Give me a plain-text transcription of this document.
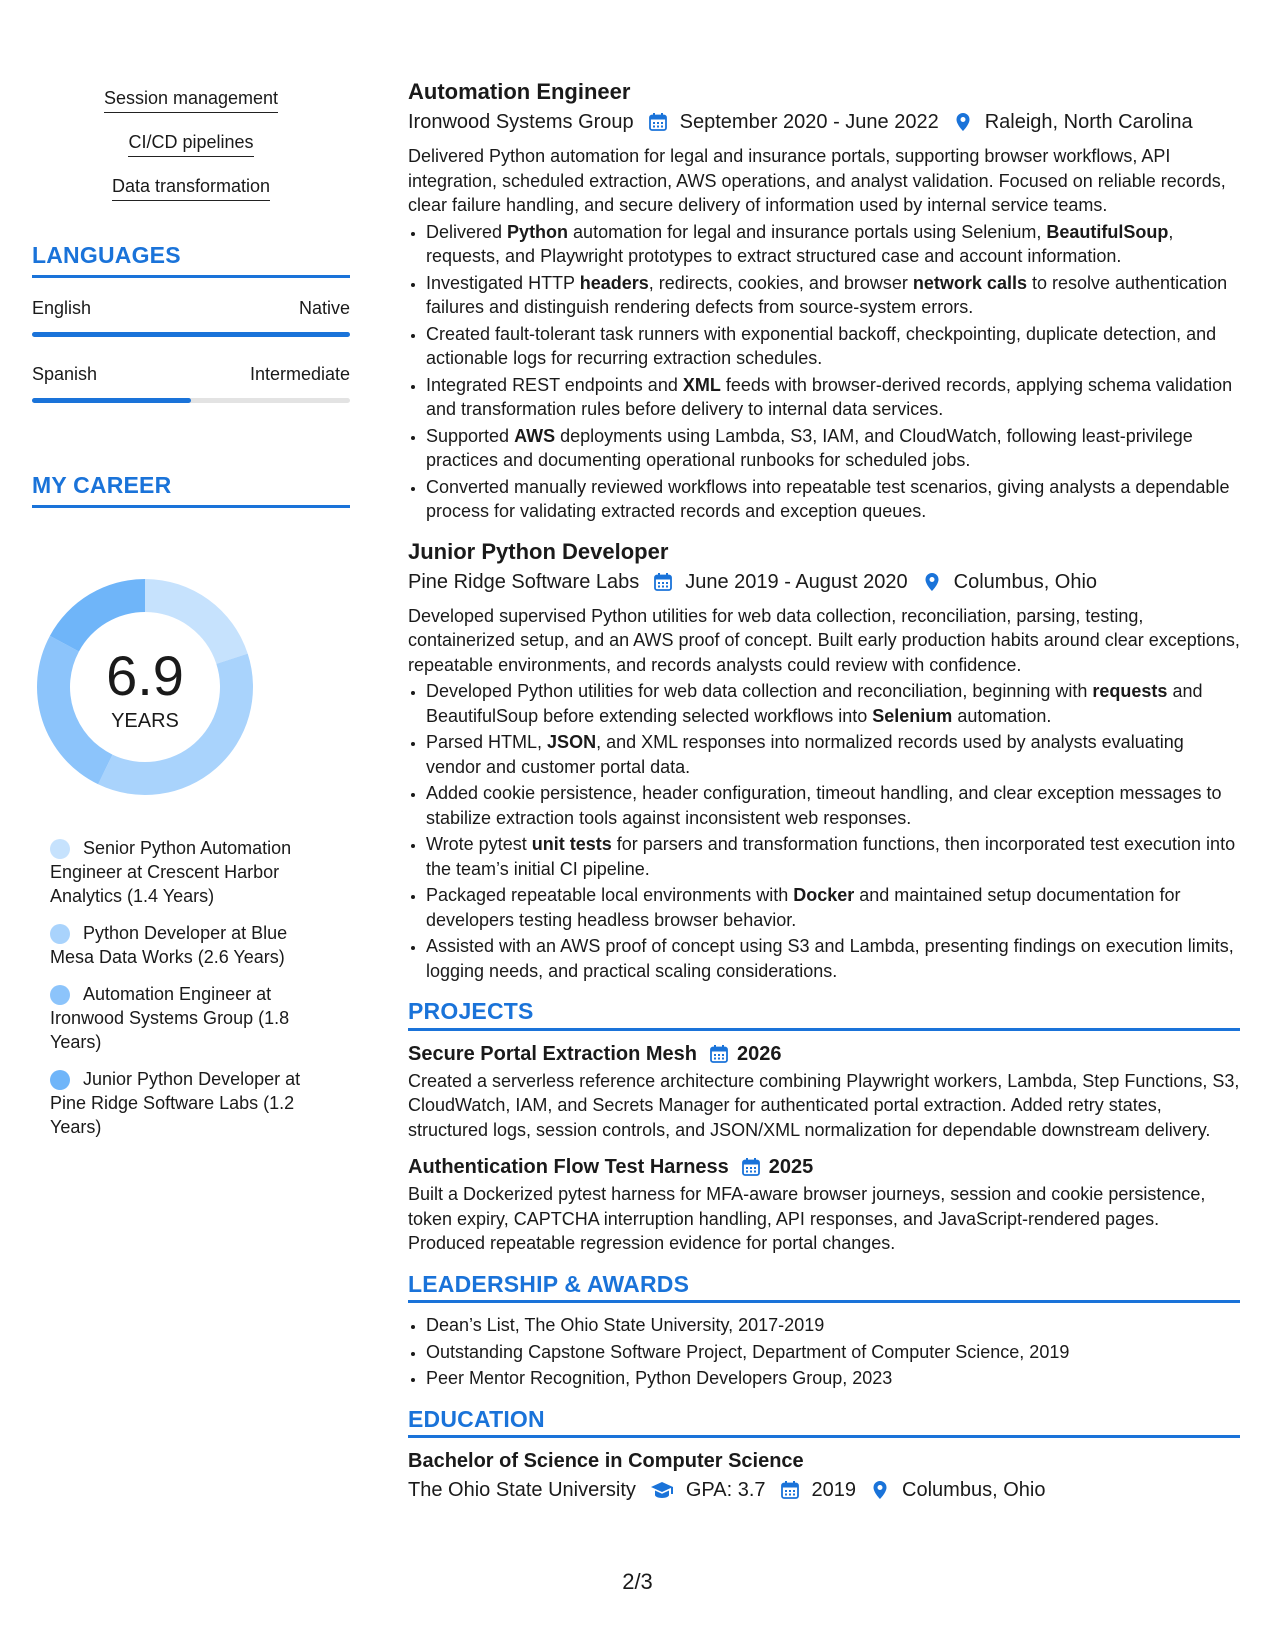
Session management
CI/CD pipelines
Data transformation
LANGUAGES
English	Native
Spanish	Intermediate
MY CAREER
6.9
YEARS
Senior Python Automation Engineer at Crescent Harbor Analytics (1.4 Years)
Python Developer at Blue Mesa Data Works (2.6 Years)
Automation Engineer at Ironwood Systems Group (1.8 Years)
Junior Python Developer at Pine Ridge Software Labs (1.2 Years)
Automation Engineer
Ironwood Systems Group September 2020 - June 2022 Raleigh, North Carolina

Delivered Python automation for legal and insurance portals, supporting browser workflows, API integration, scheduled extraction, AWS operations, and analyst validation. Focused on reliable records, clear failure handling, and secure delivery of information used by internal service teams.

• Delivered Python automation for legal and insurance portals using Selenium, BeautifulSoup, requests, and Playwright prototypes to extract structured case and account information.
• Investigated HTTP headers, redirects, cookies, and browser network calls to resolve authentication failures and distinguish rendering defects from source-system errors.
• Created fault-tolerant task runners with exponential backoff, checkpointing, duplicate detection, and actionable logs for recurring extraction schedules.
• Integrated REST endpoints and XML feeds with browser-derived records, applying schema validation and transformation rules before delivery to internal data services.
• Supported AWS deployments using Lambda, S3, IAM, and CloudWatch, following least-privilege practices and documenting operational runbooks for scheduled jobs.
• Converted manually reviewed workflows into repeatable test scenarios, giving analysts a dependable process for validating extracted records and exception queues.
Junior Python Developer
Pine Ridge Software Labs June 2019 - August 2020 Columbus, Ohio

Developed supervised Python utilities for web data collection, reconciliation, parsing, testing, containerized setup, and an AWS proof of concept. Built early production habits around clear exceptions, repeatable environments, and records analysts could review with confidence.

• Developed Python utilities for web data collection and reconciliation, beginning with requests and BeautifulSoup before extending selected workflows into Selenium automation.
• Parsed HTML, JSON, and XML responses into normalized records used by analysts evaluating vendor and customer portal data.
• Added cookie persistence, header configuration, timeout handling, and clear exception messages to stabilize extraction tools against inconsistent web responses.
• Wrote pytest unit tests for parsers and transformation functions, then incorporated test execution into the team’s initial CI pipeline.
• Packaged repeatable local environments with Docker and maintained setup documentation for developers testing headless browser behavior.
• Assisted with an AWS proof of concept using S3 and Lambda, presenting findings on execution limits, logging needs, and practical scaling considerations.
PROJECTS
Secure Portal Extraction Mesh 2026

Created a serverless reference architecture combining Playwright workers, Lambda, Step Functions, S3, CloudWatch, IAM, and Secrets Manager for authenticated portal extraction. Added retry states, structured logs, session controls, and JSON/XML normalization for dependable downstream delivery.

Authentication Flow Test Harness 2025

Built a Dockerized pytest harness for MFA-aware browser journeys, session and cookie persistence, token expiry, CAPTCHA interruption handling, API responses, and JavaScript-rendered pages. Produced repeatable regression evidence for portal changes.

LEADERSHIP & AWARDS
• Dean’s List, The Ohio State University, 2017-2019
• Outstanding Capstone Software Project, Department of Computer Science, 2019
• Peer Mentor Recognition, Python Developers Group, 2023
EDUCATION
Bachelor of Science in Computer Science
The Ohio State University	GPA: 3.7 2019 Columbus, Ohio
2/3
